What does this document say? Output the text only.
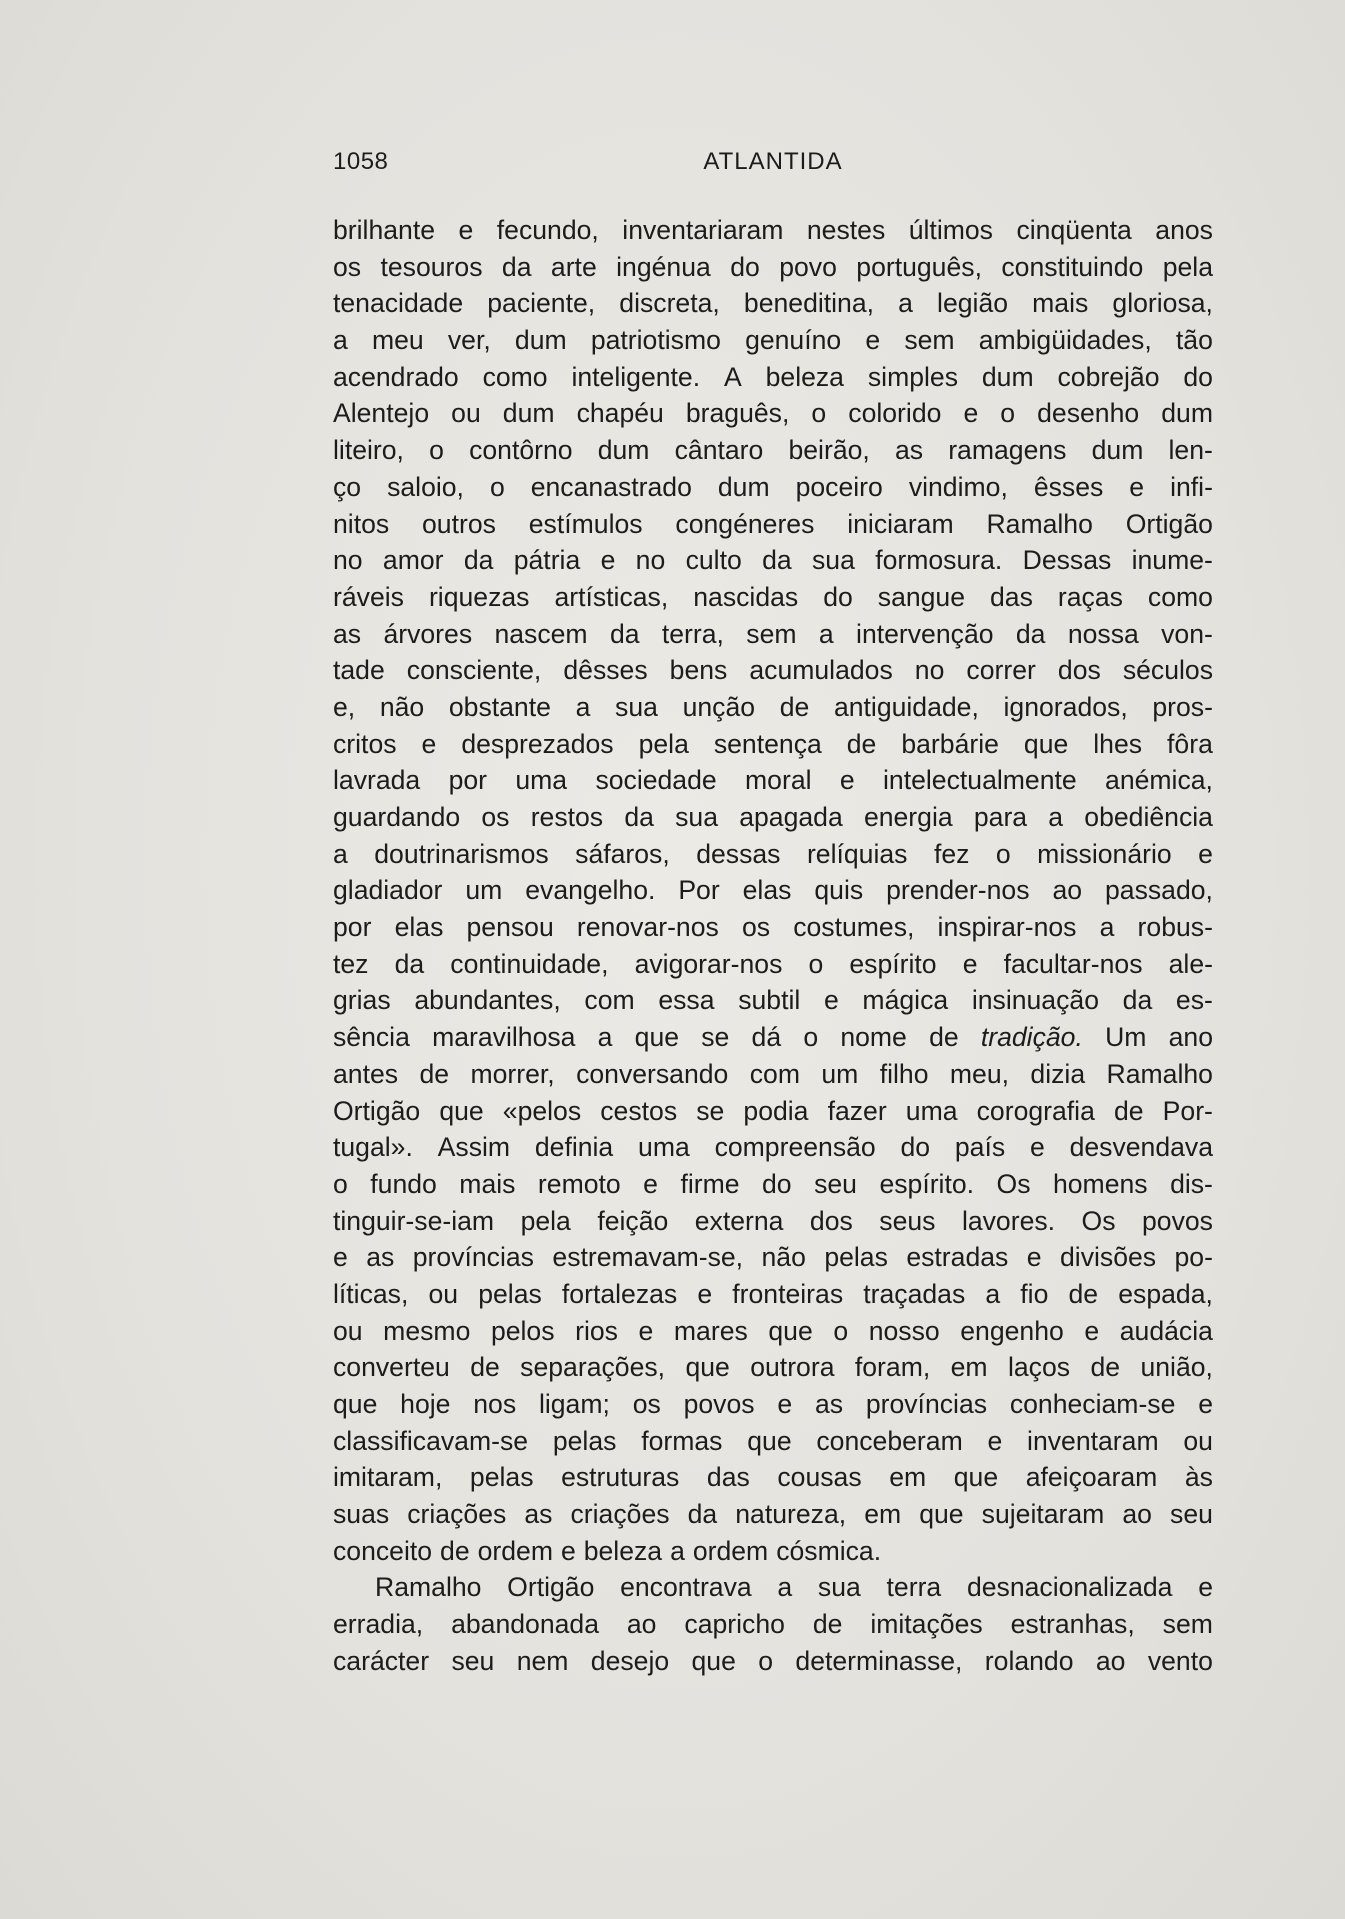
1058	ATLANTIDA
brilhante e fecundo, inventariaram nestes últimos cinqüenta anos
os tesouros da arte ingénua do povo português, constituindo pela
tenacidade paciente, discreta, beneditina, a legião mais gloriosa,
a meu ver, dum patriotismo genuíno e sem ambigüidades, tão
acendrado como inteligente. A beleza simples dum cobrejão do
Alentejo ou dum chapéu braguês, o colorido e o desenho dum
liteiro, o contôrno dum cântaro beirão, as ramagens dum len-
ço saloio, o encanastrado dum poceiro vindimo, êsses e infi-
nitos outros estímulos congéneres iniciaram Ramalho Ortigão
no amor da pátria e no culto da sua formosura. Dessas inume-
ráveis riquezas artísticas, nascidas do sangue das raças como
as árvores nascem da terra, sem a intervenção da nossa von-
tade consciente, dêsses bens acumulados no correr dos séculos
e, não obstante a sua unção de antiguidade, ignorados, pros-
critos e desprezados pela sentença de barbárie que lhes fôra
lavrada por uma sociedade moral e intelectualmente anémica,
guardando os restos da sua apagada energia para a obediência
a doutrinarismos sáfaros, dessas relíquias fez o missionário e
gladiador um evangelho. Por elas quis prender-nos ao passado,
por elas pensou renovar-nos os costumes, inspirar-nos a robus-
tez da continuidade, avigorar-nos o espírito e facultar-nos ale-
grias abundantes, com essa subtil e mágica insinuação da es-
sência maravilhosa a que se dá o nome de tradição. Um ano
antes de morrer, conversando com um filho meu, dizia Ramalho
Ortigão que «pelos cestos se podia fazer uma corografia de Por-
tugal». Assim definia uma compreensão do país e desvendava
o fundo mais remoto e firme do seu espírito. Os homens dis-
tinguir-se-iam pela feição externa dos seus lavores. Os povos
e as províncias estremavam-se, não pelas estradas e divisões po-
líticas, ou pelas fortalezas e fronteiras traçadas a fio de espada,
ou mesmo pelos rios e mares que o nosso engenho e audácia
converteu de separações, que outrora foram, em laços de união,
que hoje nos ligam; os povos e as províncias conheciam-se e
classificavam-se pelas formas que conceberam e inventaram ou
imitaram, pelas estruturas das cousas em que afeiçoaram às
suas criações as criações da natureza, em que sujeitaram ao seu
conceito de ordem e beleza a ordem cósmica.
Ramalho Ortigão encontrava a sua terra desnacionalizada e
erradia, abandonada ao capricho de imitações estranhas, sem
carácter seu nem desejo que o determinasse, rolando ao vento
